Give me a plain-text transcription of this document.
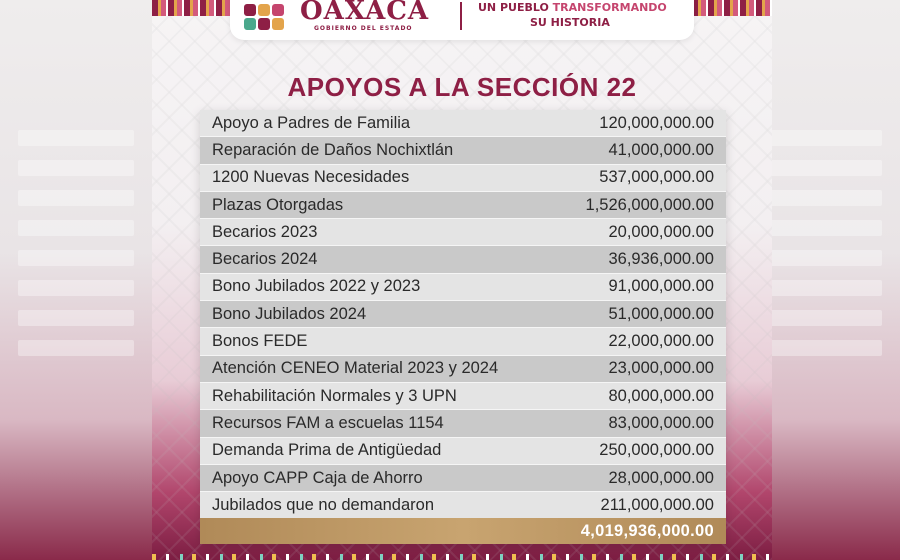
OAXACA
GOBIERNO DEL ESTADO
UN PUEBLO TRANSFORMANDO
SU HISTORIA
APOYOS A LA SECCIÓN 22
Apoyo a Padres de Familia	120,000,000.00
Reparación de Daños Nochixtlán	41,000,000.00
1200 Nuevas Necesidades	537,000,000.00
Plazas Otorgadas	1,526,000,000.00
Becarios 2023	20,000,000.00
Becarios 2024	36,936,000.00
Bono Jubilados 2022 y 2023	91,000,000.00
Bono Jubilados 2024	51,000,000.00
Bonos FEDE	22,000,000.00
Atención CENEO Material 2023 y 2024	23,000,000.00
Rehabilitación Normales y 3 UPN	80,000,000.00
Recursos FAM a escuelas 1154	83,000,000.00
Demanda Prima de Antigüedad	250,000,000.00
Apoyo CAPP Caja de Ahorro	28,000,000.00
Jubilados que no demandaron	211,000,000.00
4,019,936,000.00
